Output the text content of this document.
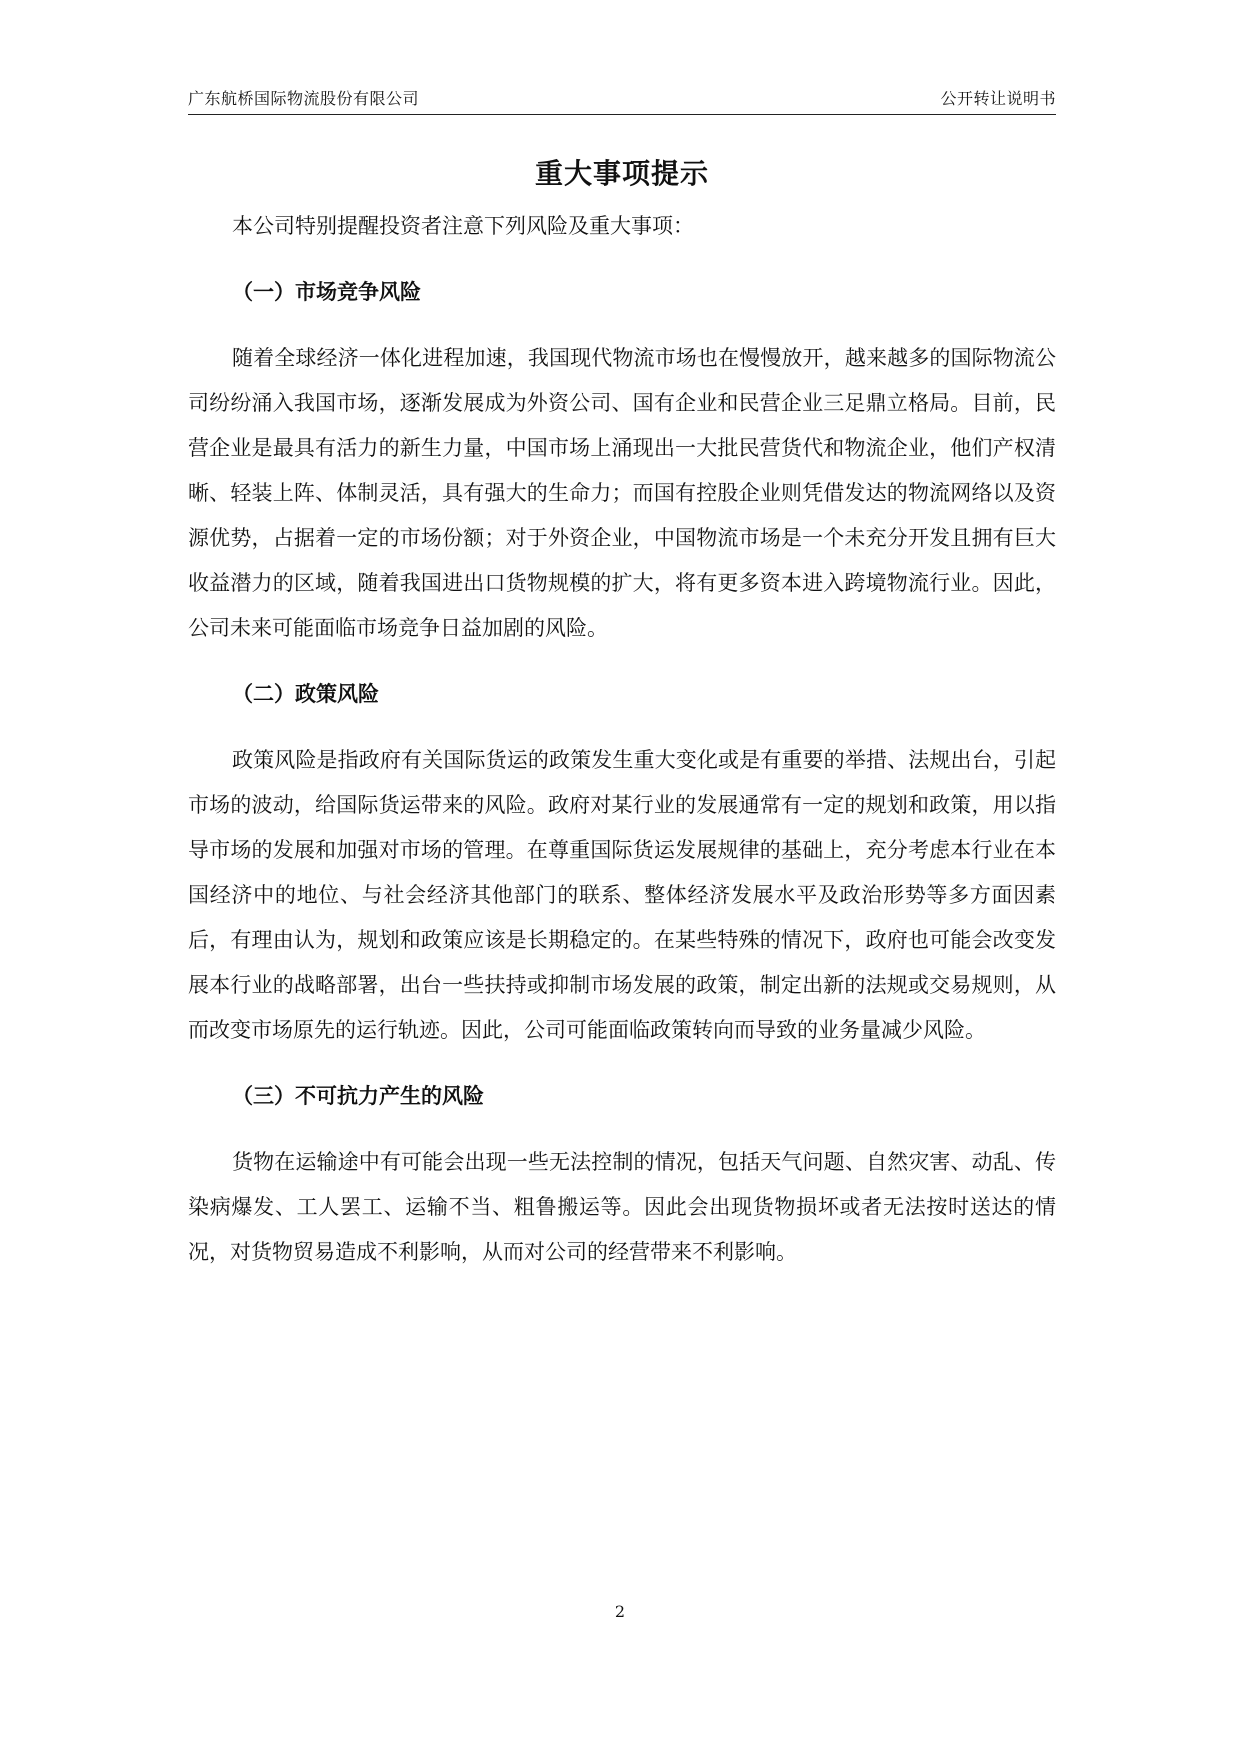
广东航桥国际物流股份有限公司	公开转让说明书
重大事项提示

本公司特别提醒投资者注意下列风险及重大事项：

（一）市场竞争风险

随着全球经济一体化进程加速，我国现代物流市场也在慢慢放开，越来越多的国际物流公司纷纷涌入我国市场，逐渐发展成为外资公司、国有企业和民营企业三足鼎立格局。目前，民营企业是最具有活力的新生力量，中国市场上涌现出一大批民营货代和物流企业，他们产权清晰、轻装上阵、体制灵活，具有强大的生命力；而国有控股企业则凭借发达的物流网络以及资源优势，占据着一定的市场份额；对于外资企业，中国物流市场是一个未充分开发且拥有巨大收益潜力的区域，随着我国进出口货物规模的扩大，将有更多资本进入跨境物流行业。因此，公司未来可能面临市场竞争日益加剧的风险。

（二）政策风险

政策风险是指政府有关国际货运的政策发生重大变化或是有重要的举措、法规出台，引起市场的波动，给国际货运带来的风险。政府对某行业的发展通常有一定的规划和政策，用以指导市场的发展和加强对市场的管理。在尊重国际货运发展规律的基础上，充分考虑本行业在本国经济中的地位、与社会经济其他部门的联系、整体经济发展水平及政治形势等多方面因素后，有理由认为，规划和政策应该是长期稳定的。在某些特殊的情况下，政府也可能会改变发展本行业的战略部署，出台一些扶持或抑制市场发展的政策，制定出新的法规或交易规则，从而改变市场原先的运行轨迹。因此，公司可能面临政策转向而导致的业务量减少风险。

（三）不可抗力产生的风险

货物在运输途中有可能会出现一些无法控制的情况，包括天气问题、自然灾害、动乱、传染病爆发、工人罢工、运输不当、粗鲁搬运等。因此会出现货物损坏或者无法按时送达的情况，对货物贸易造成不利影响，从而对公司的经营带来不利影响。

2
